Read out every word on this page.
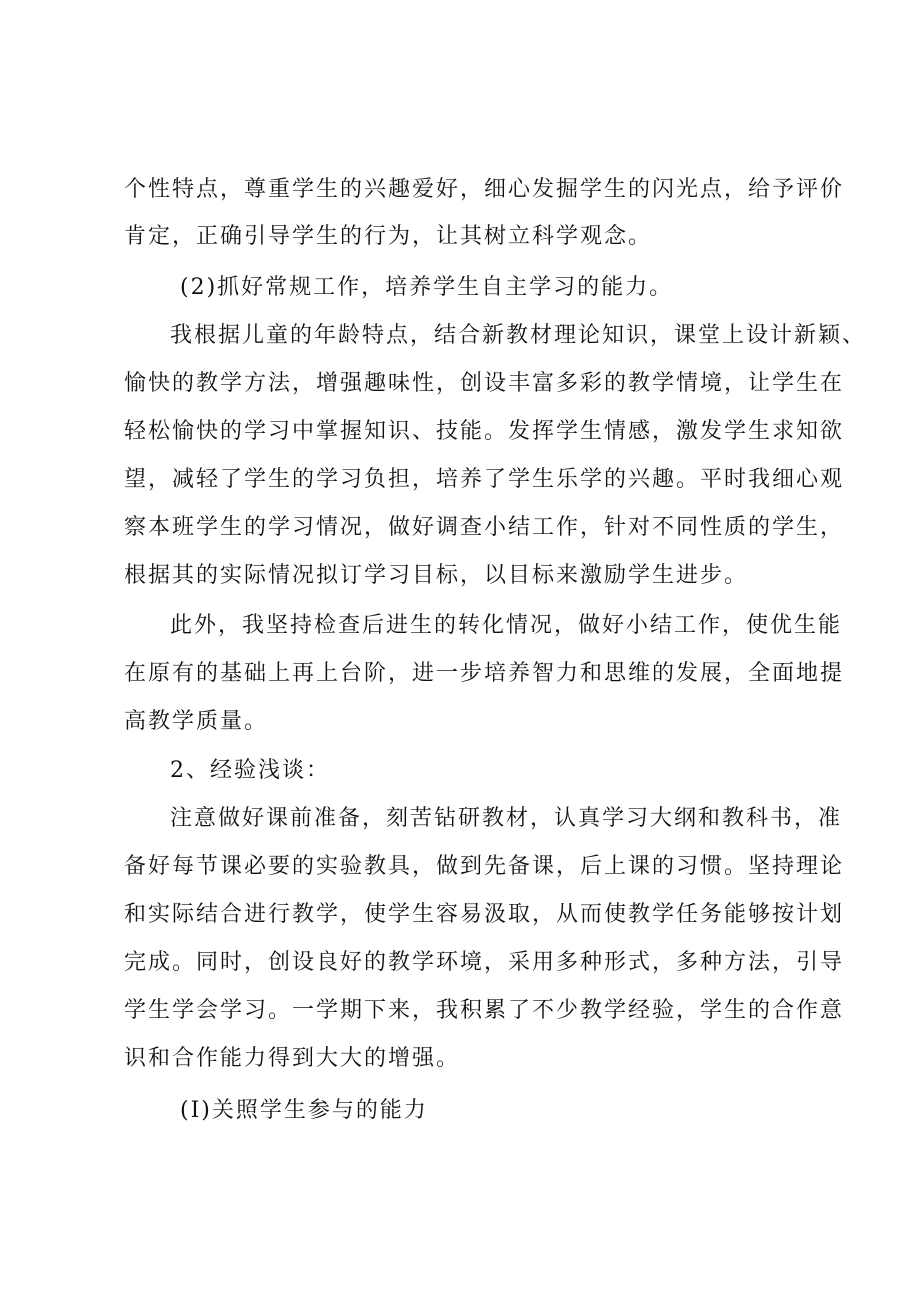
个性特点，尊重学生的兴趣爱好，细心发掘学生的闪光点，给予评价
肯定，正确引导学生的行为，让其树立科学观念。
(2)抓好常规工作，培养学生自主学习的能力。
我根据儿童的年龄特点，结合新教材理论知识，课堂上设计新颖、
愉快的教学方法，增强趣味性，创设丰富多彩的教学情境，让学生在
轻松愉快的学习中掌握知识、技能。发挥学生情感，激发学生求知欲
望，减轻了学生的学习负担，培养了学生乐学的兴趣。平时我细心观
察本班学生的学习情况，做好调查小结工作，针对不同性质的学生，
根据其的实际情况拟订学习目标，以目标来激励学生进步。
此外，我坚持检查后进生的转化情况，做好小结工作，使优生能
在原有的基础上再上台阶，进一步培养智力和思维的发展，全面地提
高教学质量。
2、经验浅谈：
注意做好课前准备，刻苦钻研教材，认真学习大纲和教科书，准
备好每节课必要的实验教具，做到先备课，后上课的习惯。坚持理论
和实际结合进行教学，使学生容易汲取，从而使教学任务能够按计划
完成。同时，创设良好的教学环境，采用多种形式，多种方法，引导
学生学会学习。一学期下来，我积累了不少教学经验，学生的合作意
识和合作能力得到大大的增强。
(I)关照学生参与的能力
